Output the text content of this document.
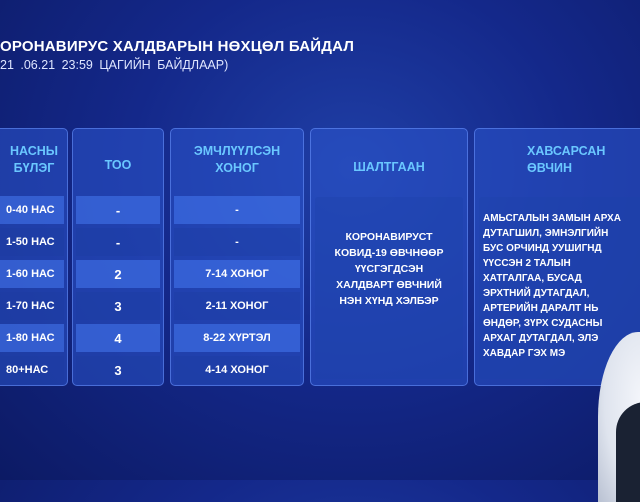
ОРОНАВИРУС ХАЛДВАРЫН НӨХЦӨЛ БАЙДАЛ
21 .06.21 23:59 ЦАГИЙН БАЙДЛААР)
НАСНЫ
БҮЛЭГ
0-40 НАС
1-50 НАС
1-60 НАС
1-70 НАС
1-80 НАС
80+НАС
ТОО
-
-
2
3
4
3
ЭМЧЛҮҮЛСЭН
ХОНОГ
-
-
7-14 ХОНОГ
2-11 ХОНОГ
8-22 ХҮРТЭЛ
4-14 ХОНОГ
ШАЛТГААН
КОРОНАВИРУСТ
КОВИД-19 ӨВЧНӨӨР
ҮҮСГЭГДСЭН
ХАЛДВАРТ ӨВЧНИЙ
НЭН ХҮНД ХЭЛБЭР
ХАВСАРСАН
ӨВЧИН
АМЬСГАЛЫН ЗАМЫН АРХА
ДУТАГШИЛ, ЭМНЭЛГИЙН
БУС ОРЧИНД УУШИГНД
ҮҮССЭН 2 ТАЛЫН
ХАТГАЛГАА, БУСАД
ЭРХТНИЙ ДУТАГДАЛ,
АРТЕРИЙН ДАРАЛТ НЬ
ӨНДӨР, ЗҮРХ СУДАСНЫ
АРХАГ ДУТАГДАЛ, ЭЛЭ
ХАВДАР ГЭХ МЭ
